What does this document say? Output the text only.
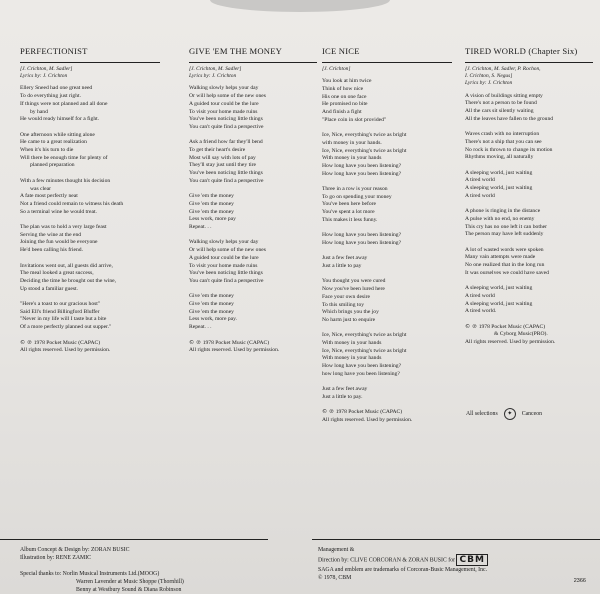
PERFECTIONIST
[J. Crichton, M. Sadler]
Lyrics by: J. Crichton
Ellery Sneed had one great need
To do everything just right.
If things were not planned and all done
by hand
He would ready himself for a fight.
One afternoon while sitting alone
He came to a great realization
When it's his turn to die
Will there be enough time for plenty of
planned preparation
With a few minutes thought his decision
was clear
A fate most perfectly neat
Not a friend could remain to witness his death
So a terminal wine he would treat.
The plan was to hold a very large feast
Serving the wine at the end
Joining the fun would be everyone
He'd been calling his friend.
Invitations went out, all guests did arrive,
The meal looked a great success,
Deciding the time he brought out the wine,
Up stood a familiar guest.
"Here's a toast to our gracious host"
Said Ell's friend Billingford Bluffer
"Never in my life will I taste but a bite
Of a more perfectly planned out supper."
© ℗ 1978 Pocket Music (CAPAC)
All rights reserved. Used by permission.
GIVE 'EM THE MONEY
[J. Crichton, M. Sadler]
Lyrics by: J. Crichton
Walking slowly helps your day
Or will help some of the new ones
A guided tour could be the lure
To visit your home made ruins
You've been noticing little things
You can't quite find a perspective
Ask a friend how far they'll bend
To get their heart's desire
Most will say with lots of pay
They'll stay just until they tire
You've been noticing little things
You can't quite find a perspective
Give 'em the money
Give 'em the money
Give 'em the money
Less work, more pay
Repeat. . .
Walking slowly helps your day
Or will help some of the new ones
A guided tour could be the lure
To visit your home made ruins
You've been noticing little things
You can't quite find a perspective
Give 'em the money
Give 'em the money
Give 'em the money
Less work, more pay.
Repeat. . .
© ℗ 1978 Pocket Music (CAPAC)
All rights reserved. Used by permission.
ICE NICE
[J. Crichton]
You look at him twice
Think of how nice
His one on one face
He promised no bite
And finish a fight
"Place coin in slot provided"
Ice, Nice, everything's twice as bright
with money in your hands.
Ice, Nice, everything's twice as bright
With money in your hands
How long have you been listening?
How long have you been listening?
Three in a row is your reason
To go on spending your money
You've been here before
You've spent a lot more
This makes it less funny.
How long have you been listening?
How long have you been listening?
Just a few feet away
Just a little to pay
You thought you were cured
Now you've been lured here
Face your own desire
To this smiling toy
Which brings you the joy
No harm just to enquire
Ice, Nice, everything's twice as bright
With money in your hands
Ice, Nice, everything's twice as bright
With money in your hands
How long have you been listening?
how long have you been listening?
Just a few feet away
Just a little to pay.
© ℗ 1978 Pocket Music (CAPAC)
All rights reserved. Used by permission.
TIRED WORLD (Chapter Six)
[J. Crichton, M. Sadler, P. Rochon,
I. Crichton, S. Negus]
Lyrics by: J. Crichton
A vision of buildings sitting empty
There's not a person to be found
All the cars sit silently waiting
All the leaves have fallen to the ground
Waves crash with no interruption
There's not a ship that you can see
No rock is thrown to change its motion
Rhythms moving, all naturally
A sleeping world, just waiting
A tired world
A sleeping world, just waiting
A tired world
A phone is ringing in the distance
A pulse with no end, no enemy
This cry has no one left it can bother
The person may have left suddenly
A lot of wasted words were spoken
Many vain attempts were made
No one realized that in the long run
It was ourselves we could have saved
A sleeping world, just waiting
A tired world
A sleeping world, just waiting
A tired world.
© ℗ 1978 Pocket Music (CAPAC)
& Cyborg Music(PRO).
All rights reserved. Used by permission.
All selections	✦	Canceon
Album Concept & Design by: ZORAN BUSIC
Illustration by: RENE ZAMIC

Special thanks to: Norlin Musical Instruments Ltd.(MOOG)
Warren Lavender at Music Shoppe (Thornhill)
Benny at Westbury Sound & Diana Robinson
Management &
Direction by: CLIVE CORCORAN & ZORAN BUSIC for CBM
SAGA and emblem are trademarks of Corcoran-Busic Management, Inc.
© 1978, CBM	2366
